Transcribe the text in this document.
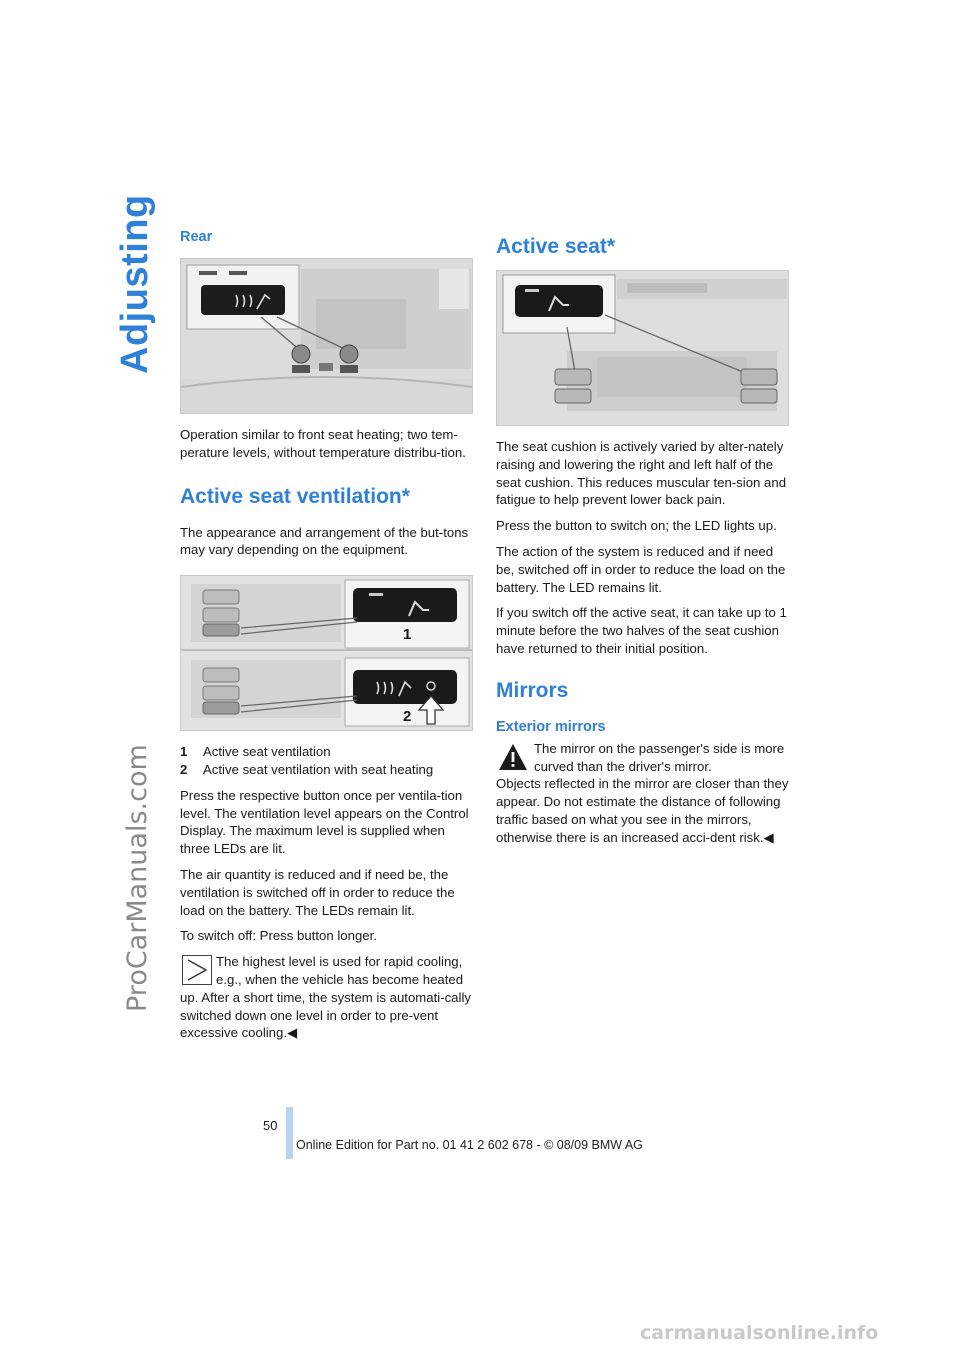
Adjusting
ProCarManuals.com
Rear

Operation similar to front seat heating; two tem-perature levels, without temperature distribu-tion.

Active seat ventilation*

The appearance and arrangement of the but-tons may vary depending on the equipment.

1
2
1 Active seat ventilation
2 Active seat ventilation with seat heating

Press the respective button once per ventila-tion level. The ventilation level appears on the Control Display. The maximum level is supplied when three LEDs are lit.

The air quantity is reduced and if need be, the ventilation is switched off in order to reduce the load on the battery. The LEDs remain lit.

To switch off: Press button longer.

The highest level is used for rapid cooling, e.g., when the vehicle has become heated

up. After a short time, the system is automati-cally switched down one level in order to pre-vent excessive cooling.◀

Active seat*

The seat cushion is actively varied by alter-nately raising and lowering the right and left half of the seat cushion. This reduces muscular ten-sion and fatigue to help prevent lower back pain.

Press the button to switch on; the LED lights up.

The action of the system is reduced and if need be, switched off in order to reduce the load on the battery. The LED remains lit.

If you switch off the active seat, it can take up to 1 minute before the two halves of the seat cushion have returned to their initial position.

Mirrors
Exterior mirrors

The mirror on the passenger's side is more curved than the driver's mirror.

Objects reflected in the mirror are closer than they appear. Do not estimate the distance of following traffic based on what you see in the mirrors, otherwise there is an increased acci-dent risk.◀

50
Online Edition for Part no. 01 41 2 602 678 - © 08/09 BMW AG
carmanualsonline.info
